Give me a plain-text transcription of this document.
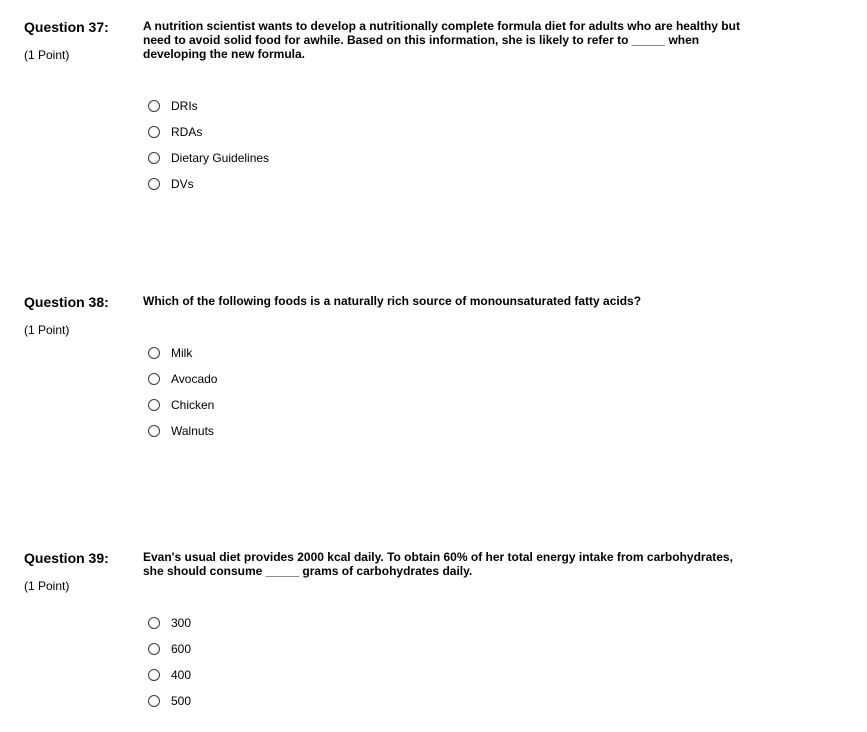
Question 37:

(1 Point)

A nutrition scientist wants to develop a nutritionally complete formula diet for adults who are healthy but need to avoid solid food for awhile. Based on this information, she is likely to refer to _____ when developing the new formula.

DRIs
RDAs
Dietary Guidelines
DVs
Question 38:

(1 Point)

Which of the following foods is a naturally rich source of monounsaturated fatty acids?

Milk
Avocado
Chicken
Walnuts
Question 39:

(1 Point)

Evan's usual diet provides 2000 kcal daily. To obtain 60% of her total energy intake from carbohydrates, she should consume _____ grams of carbohydrates daily.

300
600
400
500
